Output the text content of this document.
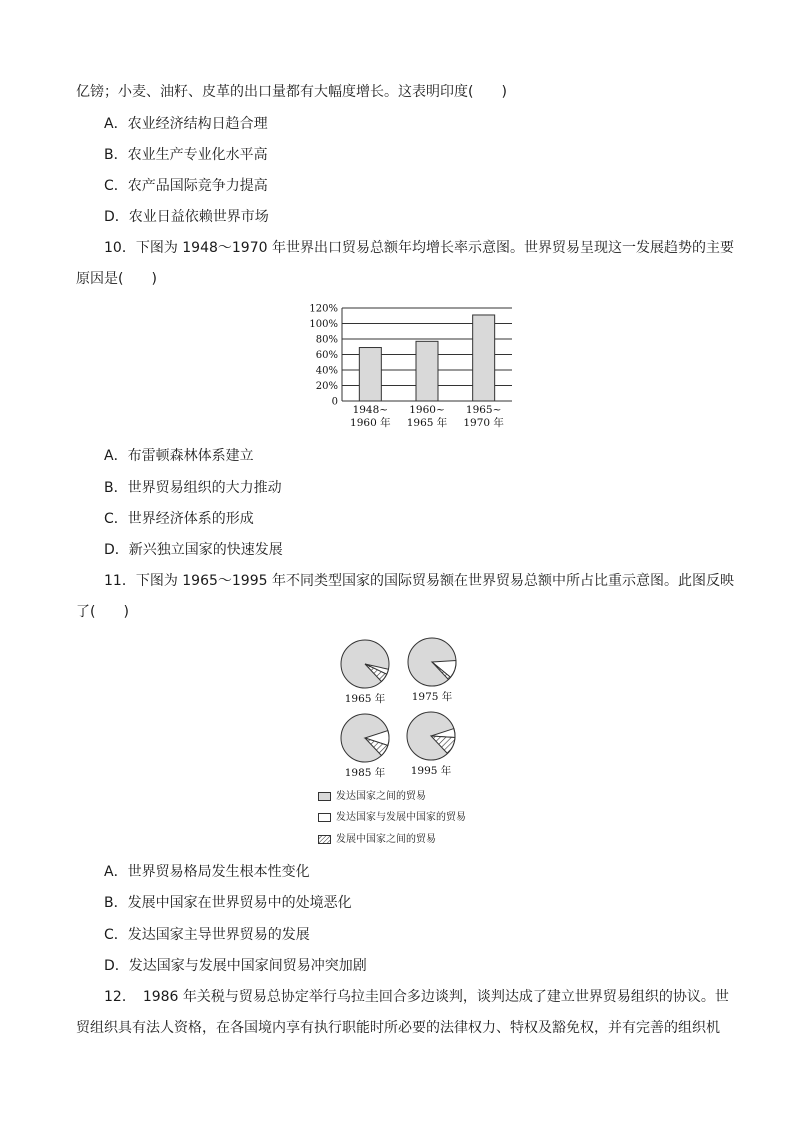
亿镑；小麦、油籽、皮革的出口量都有大幅度增长。这表明印度(　　)
A．农业经济结构日趋合理
B．农业生产专业化水平高
C．农产品国际竞争力提高
D．农业日益依赖世界市场
10．下图为 1948～1970 年世界出口贸易总额年均增长率示意图。世界贸易呈现这一发展趋势的主要
原因是(　　)
0
20%
40%
60%
80%
100%
120%
1948~
1960 年
1960~
1965 年
1965~
1970 年
A．布雷顿森林体系建立
B．世界贸易组织的大力推动
C．世界经济体系的形成
D．新兴独立国家的快速发展
11．下图为 1965～1995 年不同类型国家的国际贸易额在世界贸易总额中所占比重示意图。此图反映
了(　　)
1965 年	1975 年
1985 年 1995 年
发达国家之间的贸易
发达国家与发展中国家的贸易
发展中国家之间的贸易
A．世界贸易格局发生根本性变化
B．发展中国家在世界贸易中的处境恶化
C．发达国家主导世界贸易的发展
D．发达国家与发展中国家间贸易冲突加剧
12．　1986 年关税与贸易总协定举行乌拉圭回合多边谈判，谈判达成了建立世界贸易组织的协议。世
贸组织具有法人资格，在各国境内享有执行职能时所必要的法律权力、特权及豁免权，并有完善的组织机
